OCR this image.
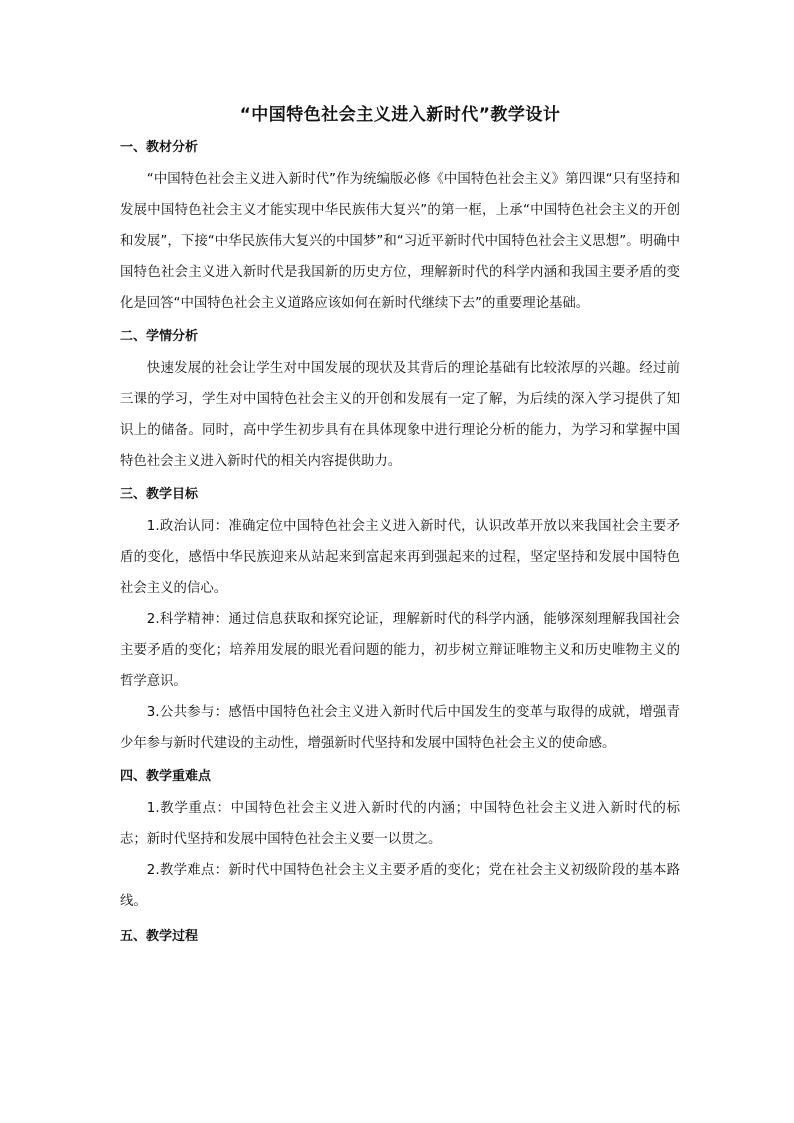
“中国特色社会主义进入新时代”教学设计
一、教材分析

“中国特色社会主义进入新时代”作为统编版必修《中国特色社会主义》第四课“只有坚持和发展中国特色社会主义才能实现中华民族伟大复兴”的第一框，上承“中国特色社会主义的开创和发展”，下接“中华民族伟大复兴的中国梦”和“习近平新时代中国特色社会主义思想”。明确中国特色社会主义进入新时代是我国新的历史方位，理解新时代的科学内涵和我国主要矛盾的变化是回答“中国特色社会主义道路应该如何在新时代继续下去”的重要理论基础。

二、学情分析

快速发展的社会让学生对中国发展的现状及其背后的理论基础有比较浓厚的兴趣。经过前三课的学习，学生对中国特色社会主义的开创和发展有一定了解，为后续的深入学习提供了知识上的储备。同时，高中学生初步具有在具体现象中进行理论分析的能力，为学习和掌握中国特色社会主义进入新时代的相关内容提供助力。

三、教学目标

1.政治认同：准确定位中国特色社会主义进入新时代，认识改革开放以来我国社会主要矛盾的变化，感悟中华民族迎来从站起来到富起来再到强起来的过程，坚定坚持和发展中国特色社会主义的信心。

2.科学精神：通过信息获取和探究论证，理解新时代的科学内涵，能够深刻理解我国社会主要矛盾的变化；培养用发展的眼光看问题的能力，初步树立辩证唯物主义和历史唯物主义的哲学意识。

3.公共参与：感悟中国特色社会主义进入新时代后中国发生的变革与取得的成就，增强青少年参与新时代建设的主动性，增强新时代坚持和发展中国特色社会主义的使命感。

四、教学重难点

1.教学重点：中国特色社会主义进入新时代的内涵；中国特色社会主义进入新时代的标志；新时代坚持和发展中国特色社会主义要一以贯之。

2.教学难点：新时代中国特色社会主义主要矛盾的变化；党在社会主义初级阶段的基本路线。

五、教学过程
